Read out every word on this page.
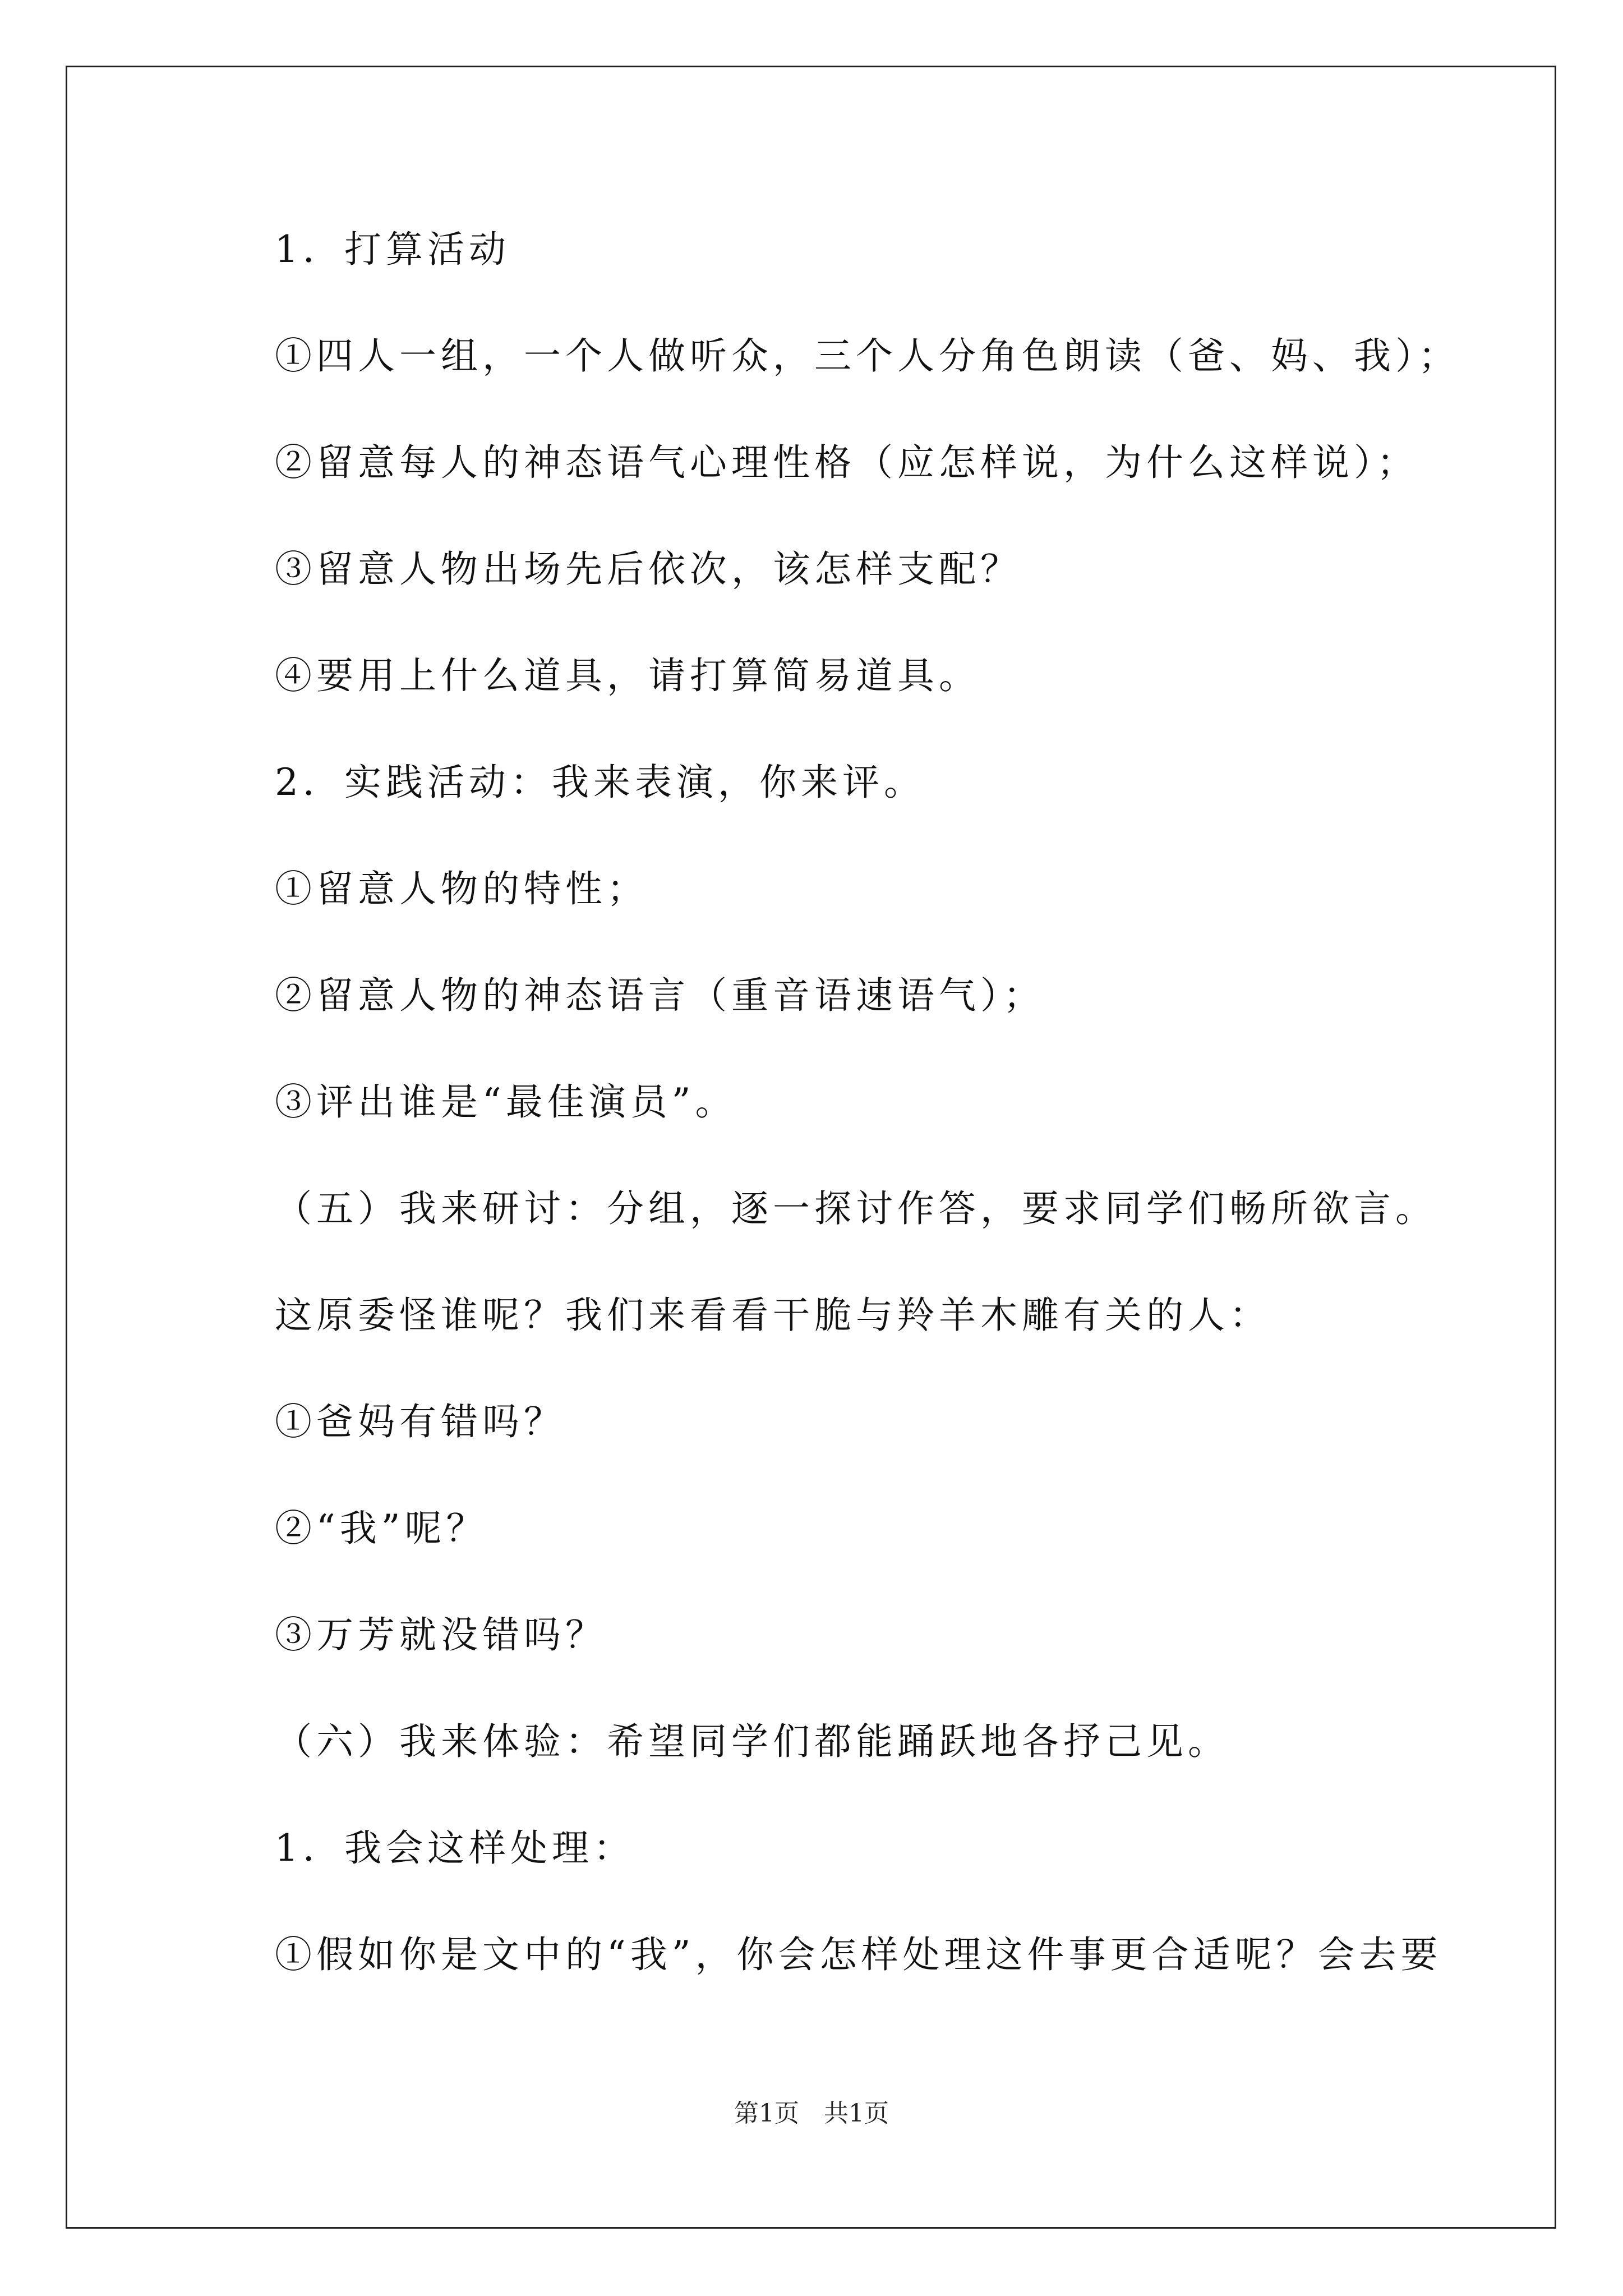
1．打算活动
①四人一组，一个人做听众，三个人分角色朗读（爸、妈、我）；
②留意每人的神态语气心理性格（应怎样说，为什么这样说）；
③留意人物出场先后依次，该怎样支配？
④要用上什么道具，请打算简易道具。
2．实践活动：我来表演，你来评。
①留意人物的特性；
②留意人物的神态语言（重音语速语气）；
③评出谁是“最佳演员”。
（五）我来研讨：分组，逐一探讨作答，要求同学们畅所欲言。
这原委怪谁呢？我们来看看干脆与羚羊木雕有关的人：
①爸妈有错吗？
②“我”呢？
③万芳就没错吗？
（六）我来体验：希望同学们都能踊跃地各抒己见。
1．我会这样处理：
①假如你是文中的“我”，你会怎样处理这件事更合适呢？会去要
第1页　共1页
